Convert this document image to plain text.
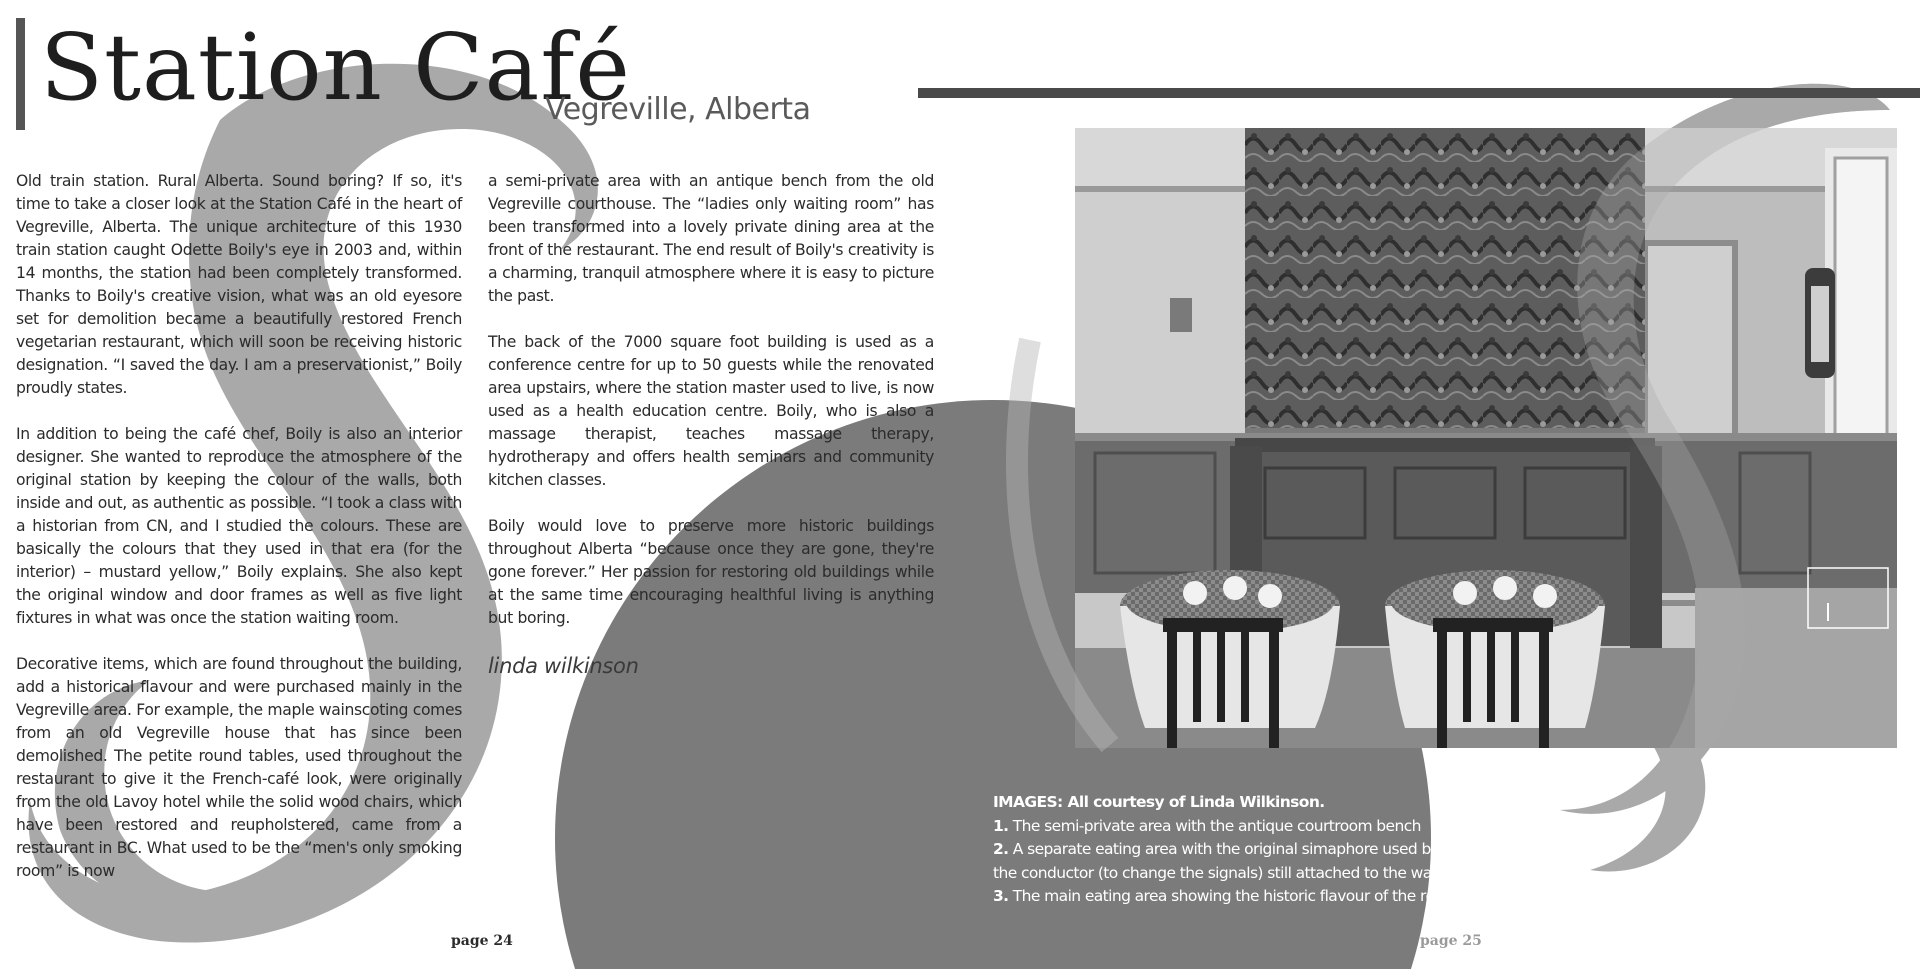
Station Café
Vegreville, Alberta

Old train station. Rural Alberta. Sound boring? If so, it's time to take a closer look at the Station Café in the heart of Vegreville, Alberta. The unique architecture of this 1930 train station caught Odette Boily's eye in 2003 and, within 14 months, the station had been completely transformed. Thanks to Boily's creative vision, what was an old eyesore set for demolition became a beautifully restored French vegetarian restaurant, which will soon be receiving historic designation. “I saved the day. I am a preservationist,” Boily proudly states.

In addition to being the café chef, Boily is also an interior designer. She wanted to reproduce the atmosphere of the original station by keeping the colour of the walls, both inside and out, as authentic as possible. “I took a class with a historian from CN, and I studied the colours. These are basically the colours that they used in that era (for the interior) – mustard yellow,” Boily explains. She also kept the original window and door frames as well as five light fixtures in what was once the station waiting room.

Decorative items, which are found throughout the building, add a historical flavour and were purchased mainly in the Vegreville area. For example, the maple wainscoting comes from an old Vegreville house that has since been demolished. The petite round tables, used throughout the restaurant to give it the French-café look, were originally from the old Lavoy hotel while the solid wood chairs, which have been restored and reupholstered, came from a restaurant in BC. What used to be the “men's only smoking room” is now

a semi-private area with an antique bench from the old Vegreville courthouse. The “ladies only waiting room” has been transformed into a lovely private dining area at the front of the restaurant. The end result of Boily's creativity is a charming, tranquil atmosphere where it is easy to picture the past.

The back of the 7000 square foot building is used as a conference centre for up to 50 guests while the renovated area upstairs, where the station master used to live, is now used as a health education centre. Boily, who is also a massage therapist, teaches massage therapy, hydrotherapy and offers health seminars and community kitchen classes.

Boily would love to preserve more historic buildings throughout Alberta “because once they are gone, they're gone forever.” Her passion for restoring old buildings while at the same time encouraging healthful living is anything but boring.

linda wilkinson

IMAGES: All courtesy of Linda Wilkinson.
1. The semi-private area with the antique courtroom bench
2. A separate eating area with the original simaphore used by
the conductor (to change the signals) still attached to the wall
3. The main eating area showing the historic flavour of the restaurant
page 24	page 25
